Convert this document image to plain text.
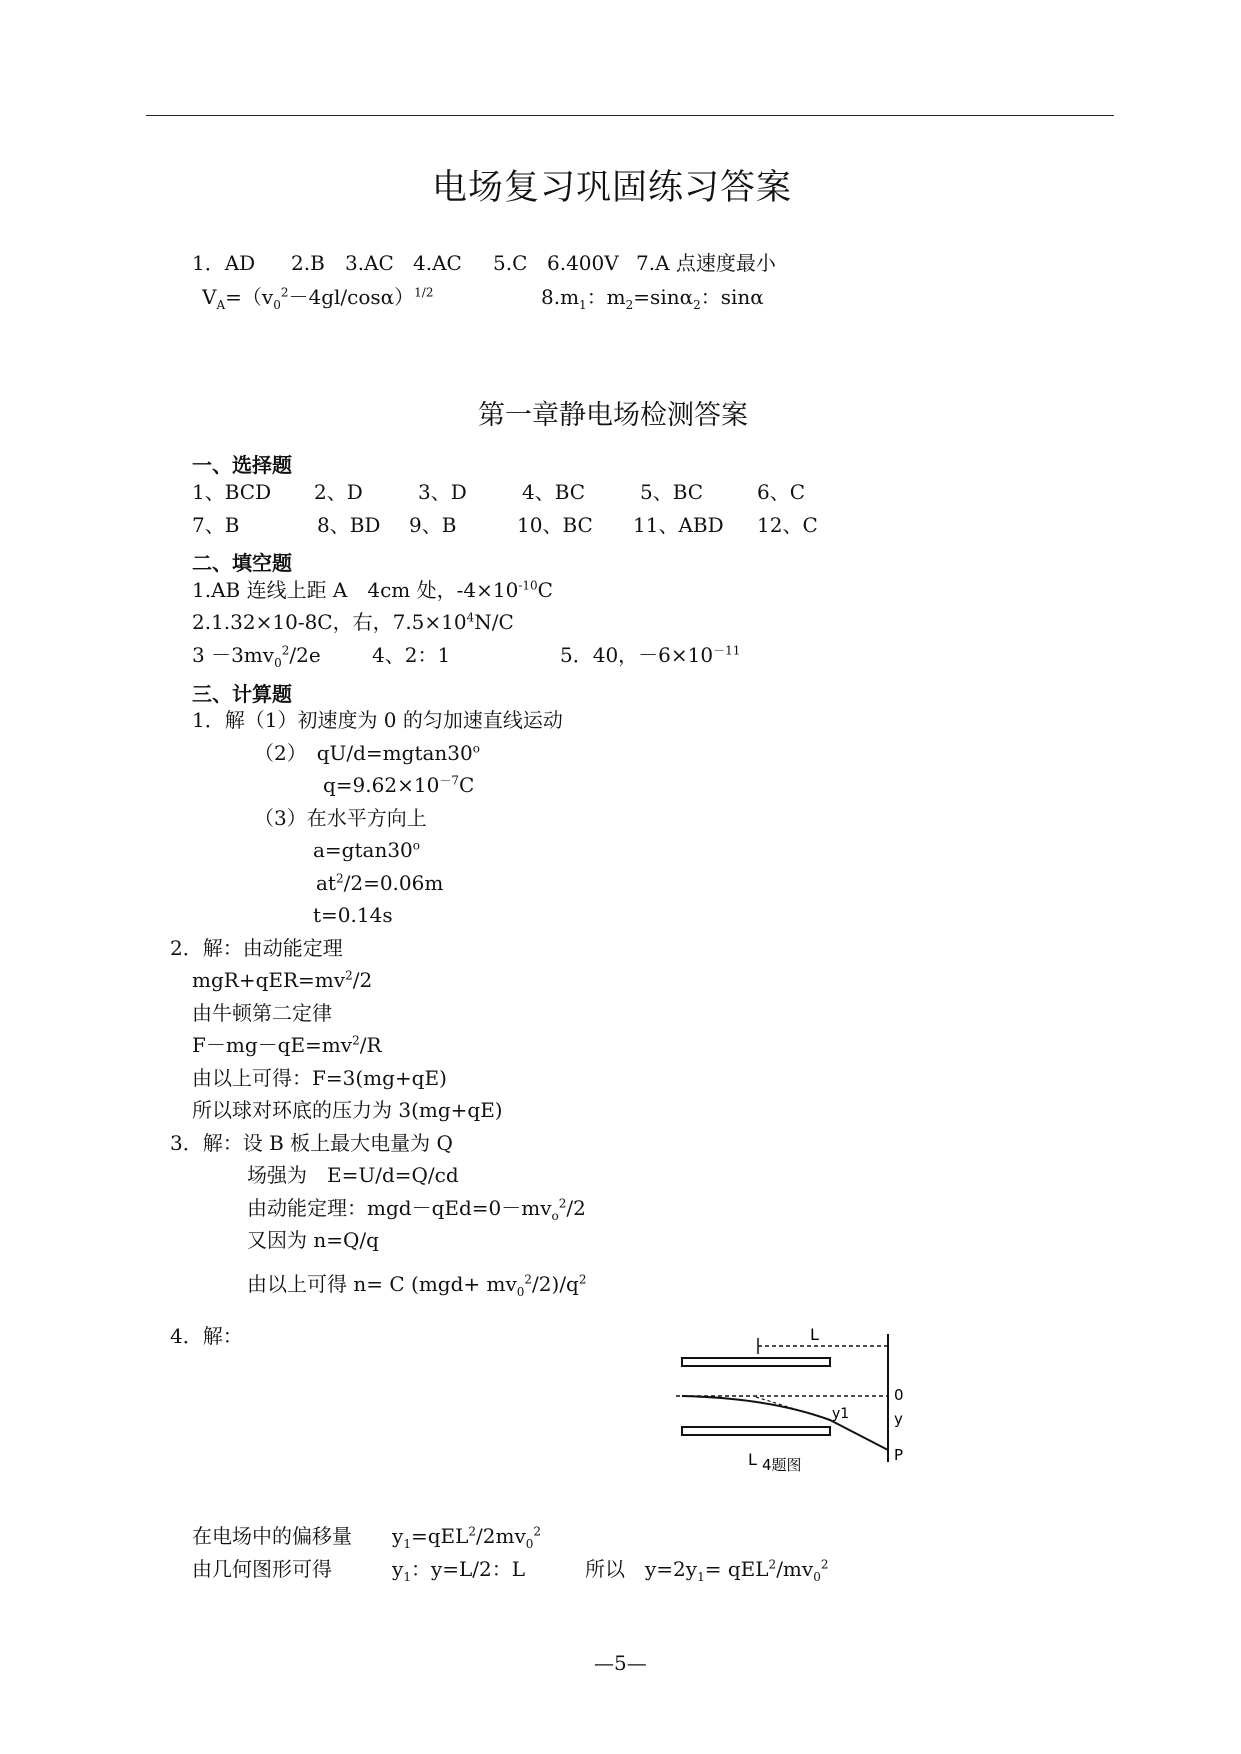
电场复习巩固练习答案
1．AD 2.B 3.AC 4.AC 5.C 6.400V 7.A 点速度最小
$V_A=(v_0^2-4gl/\cos\alpha)^{1/2}$	$8.m_1$：$m_2=\sin\alpha_2$：sinα
第一章静电场检测答案
一、选择题
1、BCD 2、D	3、D	4、BC	5、BC	6、C
7、B	8、BD 9、B	10、BC 11、ABD 12、C
二、填空题
1.AB 连线上距 A　4cm 处，$-4\times 10^{-10}C$
2.1.32×10-8C，右，$7.5\times 10^4N/C$
$3 -3mv_0^2/2e$	4、2：1	5．40，$-6\times 10^{-11}$
三、计算题
1．解（1）初速度为 0 的匀加速直线运动
（2）　$qU/d=mgtan30^o$
$q=9.62\times 10^{-7}C$
（3）在水平方向上
$a=gtan30^o$
$at^2/2=0.06m$
t=0.14s
2．解：由动能定理
$mgR+qER=mv^2/2$
由牛顿第二定律
$F-mg-qE=mv^2/R$
由以上可得：F=3(mg+qE)
所以球对环底的压力为 3(mg+qE)
3．解：设 B 板上最大电量为 Q
场强为　E=U/d=Q/cd
由动能定理：$mgd-qEd=0-mv_o^2/2$
又因为 n=Q/q
由以上可得 n= C $(mgd+ mv_0^2/2)/q^2$
4．解：	L
0
y
P
y1
L 4题图
在电场中的偏移量　　$y_1=qEL^2/2mv_0^2$
由几何图形可得　　　$y_1$：y=L/2：L	所以　$y=2y_1= qEL^2/mv_0^2$
—5—
